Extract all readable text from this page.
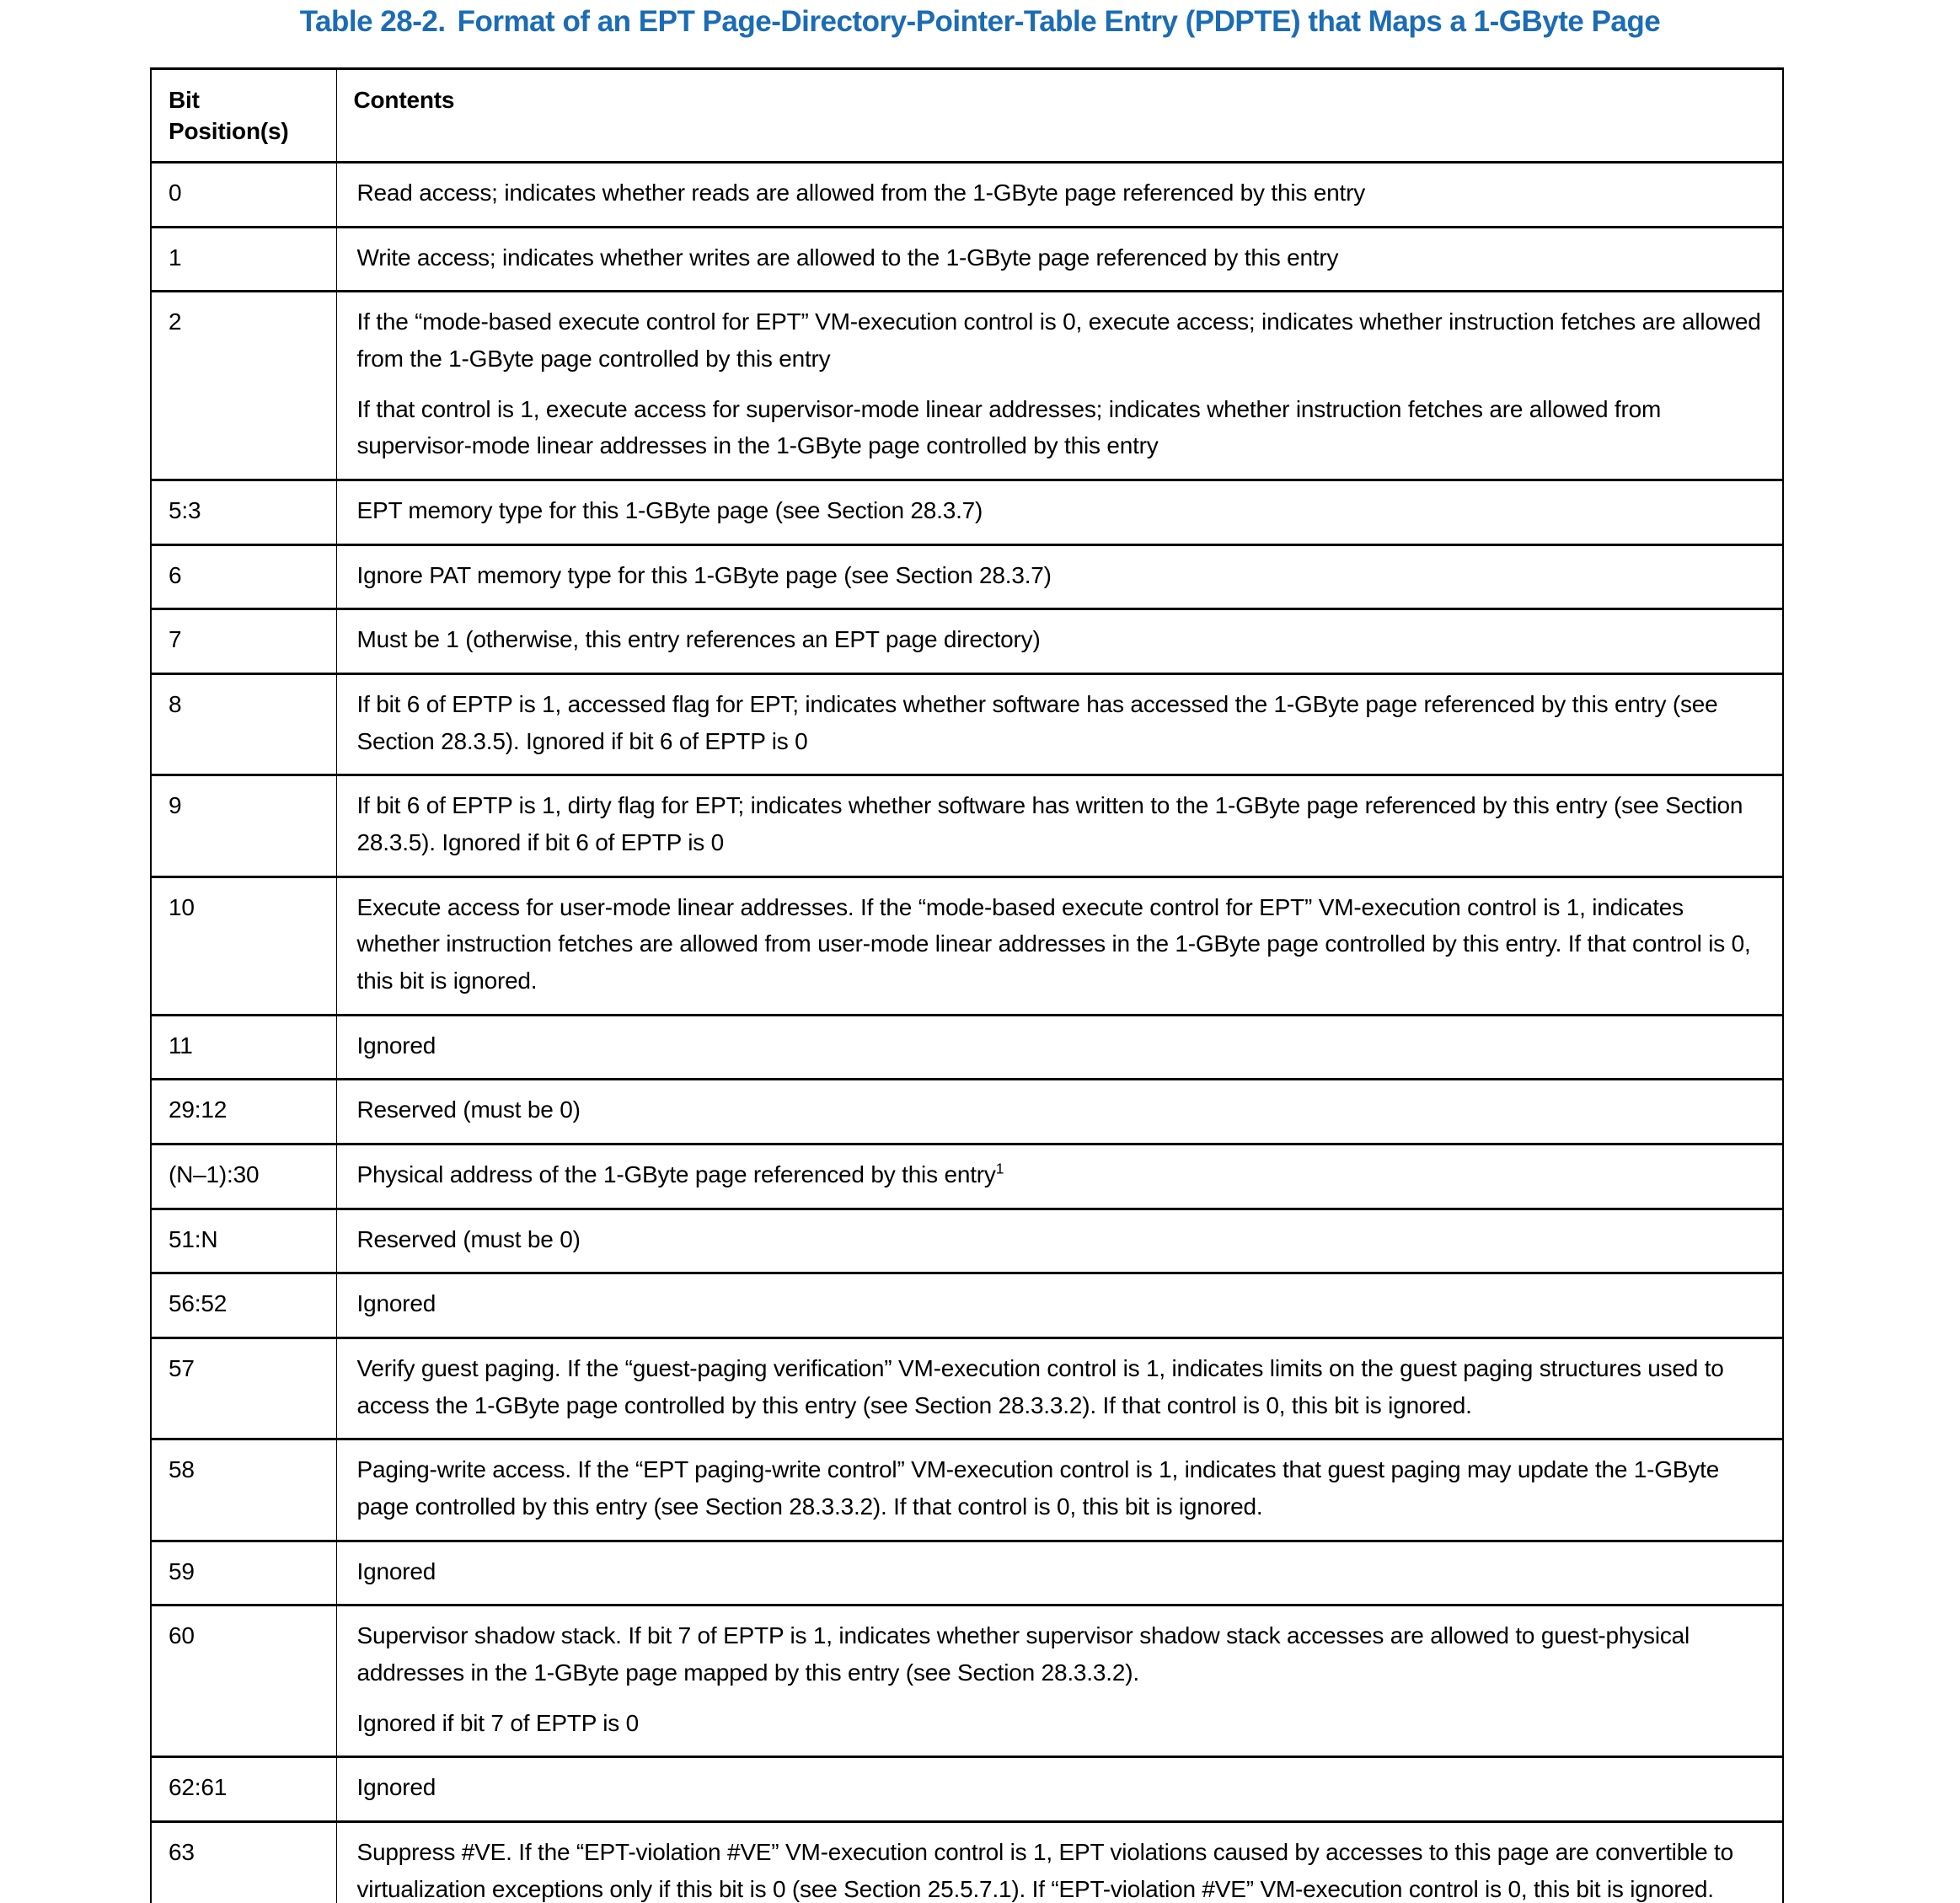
Table 28-2. Format of an EPT Page-Directory-Pointer-Table Entry (PDPTE) that Maps a 1-GByte Page
Bit Position(s)	Contents
0	Read access; indicates whether reads are allowed from the 1-GByte page referenced by this entry

1	Write access; indicates whether writes are allowed to the 1-GByte page referenced by this entry

2	If the “mode-based execute control for EPT” VM-execution control is 0, execute access; indicates whether instruction fetches are allowed from the 1-GByte page controlled by this entry
If that control is 1, execute access for supervisor-mode linear addresses; indicates whether instruction fetches are allowed from supervisor-mode linear addresses in the 1-GByte page controlled by this entry

5:3	EPT memory type for this 1-GByte page (see Section 28.3.7)

6	Ignore PAT memory type for this 1-GByte page (see Section 28.3.7)

7	Must be 1 (otherwise, this entry references an EPT page directory)

8	If bit 6 of EPTP is 1, accessed flag for EPT; indicates whether software has accessed the 1-GByte page referenced by this entry (see Section 28.3.5). Ignored if bit 6 of EPTP is 0

9	If bit 6 of EPTP is 1, dirty flag for EPT; indicates whether software has written to the 1-GByte page referenced by this entry (see Section 28.3.5). Ignored if bit 6 of EPTP is 0

10	Execute access for user-mode linear addresses. If the “mode-based execute control for EPT” VM-execution control is 1, indicates whether instruction fetches are allowed from user-mode linear addresses in the 1-GByte page controlled by this entry. If that control is 0, this bit is ignored.

11	Ignored

29:12	Reserved (must be 0)

(N–1):30	Physical address of the 1-GByte page referenced by this entry$^1$

51:N	Reserved (must be 0)

56:52	Ignored

57	Verify guest paging. If the “guest-paging verification” VM-execution control is 1, indicates limits on the guest paging structures used to access the 1-GByte page controlled by this entry (see Section 28.3.3.2). If that control is 0, this bit is ignored.

58	Paging-write access. If the “EPT paging-write control” VM-execution control is 1, indicates that guest paging may update the 1-GByte page controlled by this entry (see Section 28.3.3.2). If that control is 0, this bit is ignored.

59	Ignored

60	Supervisor shadow stack. If bit 7 of EPTP is 1, indicates whether supervisor shadow stack accesses are allowed to guest-physical addresses in the 1-GByte page mapped by this entry (see Section 28.3.3.2).
Ignored if bit 7 of EPTP is 0

62:61	Ignored

63	Suppress #VE. If the “EPT-violation #VE” VM-execution control is 1, EPT violations caused by accesses to this page are convertible to virtualization exceptions only if this bit is 0 (see Section 25.5.7.1). If “EPT-violation #VE” VM-execution control is 0, this bit is ignored.
